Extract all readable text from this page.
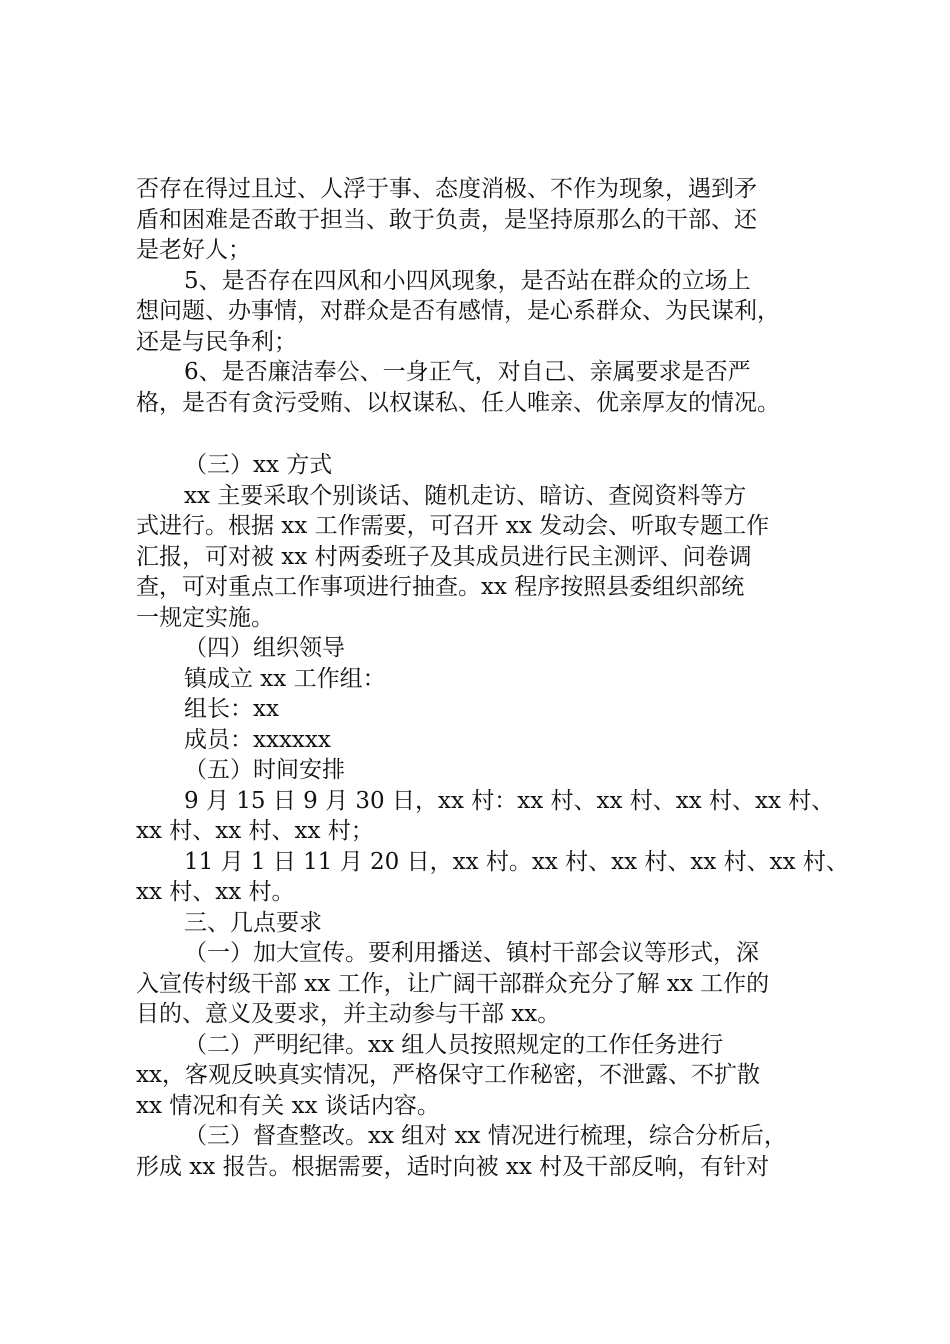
否存在得过且过、人浮于事、态度消极、不作为现象，遇到矛
盾和困难是否敢于担当、敢于负责，是坚持原那么的干部、还
是老好人；
5、是否存在四风和小四风现象，是否站在群众的立场上
想问题、办事情，对群众是否有感情，是心系群众、为民谋利，
还是与民争利；
6、是否廉洁奉公、一身正气，对自己、亲属要求是否严
格，是否有贪污受贿、以权谋私、任人唯亲、优亲厚友的情况。
（三）xx 方式
xx 主要采取个别谈话、随机走访、暗访、查阅资料等方
式进行。根据 xx 工作需要，可召开 xx 发动会、听取专题工作
汇报，可对被 xx 村两委班子及其成员进行民主测评、问卷调
查，可对重点工作事项进行抽查。xx 程序按照县委组织部统
一规定实施。
（四）组织领导
镇成立 xx 工作组：
组长：xx
成员：xxxxxx
（五）时间安排
9 月 15 日 9 月 30 日，xx 村：xx 村、xx 村、xx 村、xx 村、
xx 村、xx 村、xx 村；
11 月 1 日 11 月 20 日，xx 村。xx 村、xx 村、xx 村、xx 村、
xx 村、xx 村。
三、几点要求
（一）加大宣传。要利用播送、镇村干部会议等形式，深
入宣传村级干部 xx 工作，让广阔干部群众充分了解 xx 工作的
目的、意义及要求，并主动参与干部 xx。
（二）严明纪律。xx 组人员按照规定的工作任务进行
xx，客观反映真实情况，严格保守工作秘密，不泄露、不扩散
xx 情况和有关 xx 谈话内容。
（三）督查整改。xx 组对 xx 情况进行梳理，综合分析后，
形成 xx 报告。根据需要，适时向被 xx 村及干部反响，有针对
